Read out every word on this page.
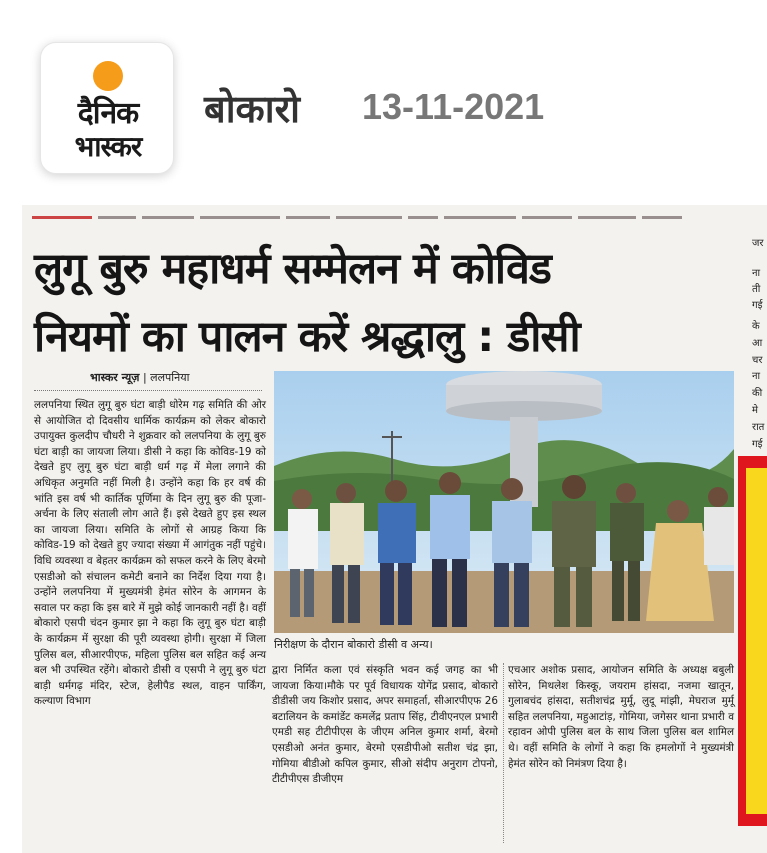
दैनिक
भास्कर
बोकारो 13-11-2021
लुगू बुरु महाधर्म सम्मेलन में कोविड
नियमों का पालन करें श्रद्धालु : डीसी
भास्कर न्यूज़ | ललपनिया
ललपनिया स्थित लुगू बुरु घंटा बाड़ी धोरेम गढ़ समिति की ओर से आयोजित दो दिवसीय धार्मिक कार्यक्रम को लेकर बोकारो उपायुक्त कुलदीप चौधरी ने शुक्रवार को ललपनिया के लुगू बुरु घंटा बाड़ी का जायजा लिया। डीसी ने कहा कि कोविड-19 को देखते हुए लुगू बुरु घंटा बाड़ी धर्म गढ़ में मेला लगाने की अधिकृत अनुमति नहीं मिली है। उन्होंने कहा कि हर वर्ष की भांति इस वर्ष भी कार्तिक पूर्णिमा के दिन लुगू बुरु की पूजा-अर्चना के लिए संताली लोग आते हैं। इसे देखते हुए इस स्थल का जायजा लिया। समिति के लोगों से आग्रह किया कि कोविड-19 को देखते हुए ज्यादा संख्या में आगंतुक नहीं पहुंचे। विधि व्यवस्था व बेहतर कार्यक्रम को सफल करने के लिए बेरमो एसडीओ को संचालन कमेटी बनाने का निर्देश दिया गया है। उन्होंने ललपनिया में मुख्यमंत्री हेमंत सोरेन के आगमन के सवाल पर कहा कि इस बारे में मुझे कोई जानकारी नहीं है। वहीं बोकारो एसपी चंदन कुमार झा ने कहा कि लुगू बुरु घंटा बाड़ी के कार्यक्रम में सुरक्षा की पूरी व्यवस्था होगी। सुरक्षा में जिला पुलिस बल, सीआरपीएफ, महिला पुलिस बल सहित कई अन्य बल भी उपस्थित रहेंगे। बोकारो डीसी व एसपी ने लुगू बुरु घंटा बाड़ी धर्मगढ़ मंदिर, स्टेज, हेलीपैड स्थल, वाहन पार्किंग, कल्याण विभाग
निरीक्षण के दौरान बोकारो डीसी व अन्य।
द्वारा निर्मित कला एवं संस्कृति भवन कई जगह का भी जायजा किया।मौके पर पूर्व विधायक योगेंद्र प्रसाद, बोकारो डीडीसी जय किशोर प्रसाद, अपर समाहर्ता, सीआरपीएफ 26 बटालियन के कमांडेंट कमलेंद्र प्रताप सिंह, टीवीएनएल प्रभारी एमडी सह टीटीपीएस के जीएम अनिल कुमार शर्मा, बेरमो एसडीओ अनंत कुमार, बेरमो एसडीपीओ सतीश चंद्र झा, गोमिया बीडीओ कपिल कुमार, सीओ संदीप अनुराग टोपनो, टीटीपीएस डीजीएम
एचआर अशोक प्रसाद, आयोजन समिति के अध्यक्ष बबुली सोरेन, मिथलेश किस्कू, जयराम हांसदा, नजमा खातून, गुलाबचंद हांसदा, सतीशचंद्र मुर्मू, लुदू मांझी, मेघराज मुर्मू सहित ललपनिया, महुआटांड़, गोमिया, जगेसर थाना प्रभारी व रहावन ओपी पुलिस बल के साथ जिला पुलिस बल शामिल थे। वहीं समिति के लोगों ने कहा कि हमलोगों ने मुख्यमंत्री हेमंत सोरेन को निमंत्रण दिया है।
जर
ना
ती
गई
के
आ
चर
ना
की
मे
रात
गई
